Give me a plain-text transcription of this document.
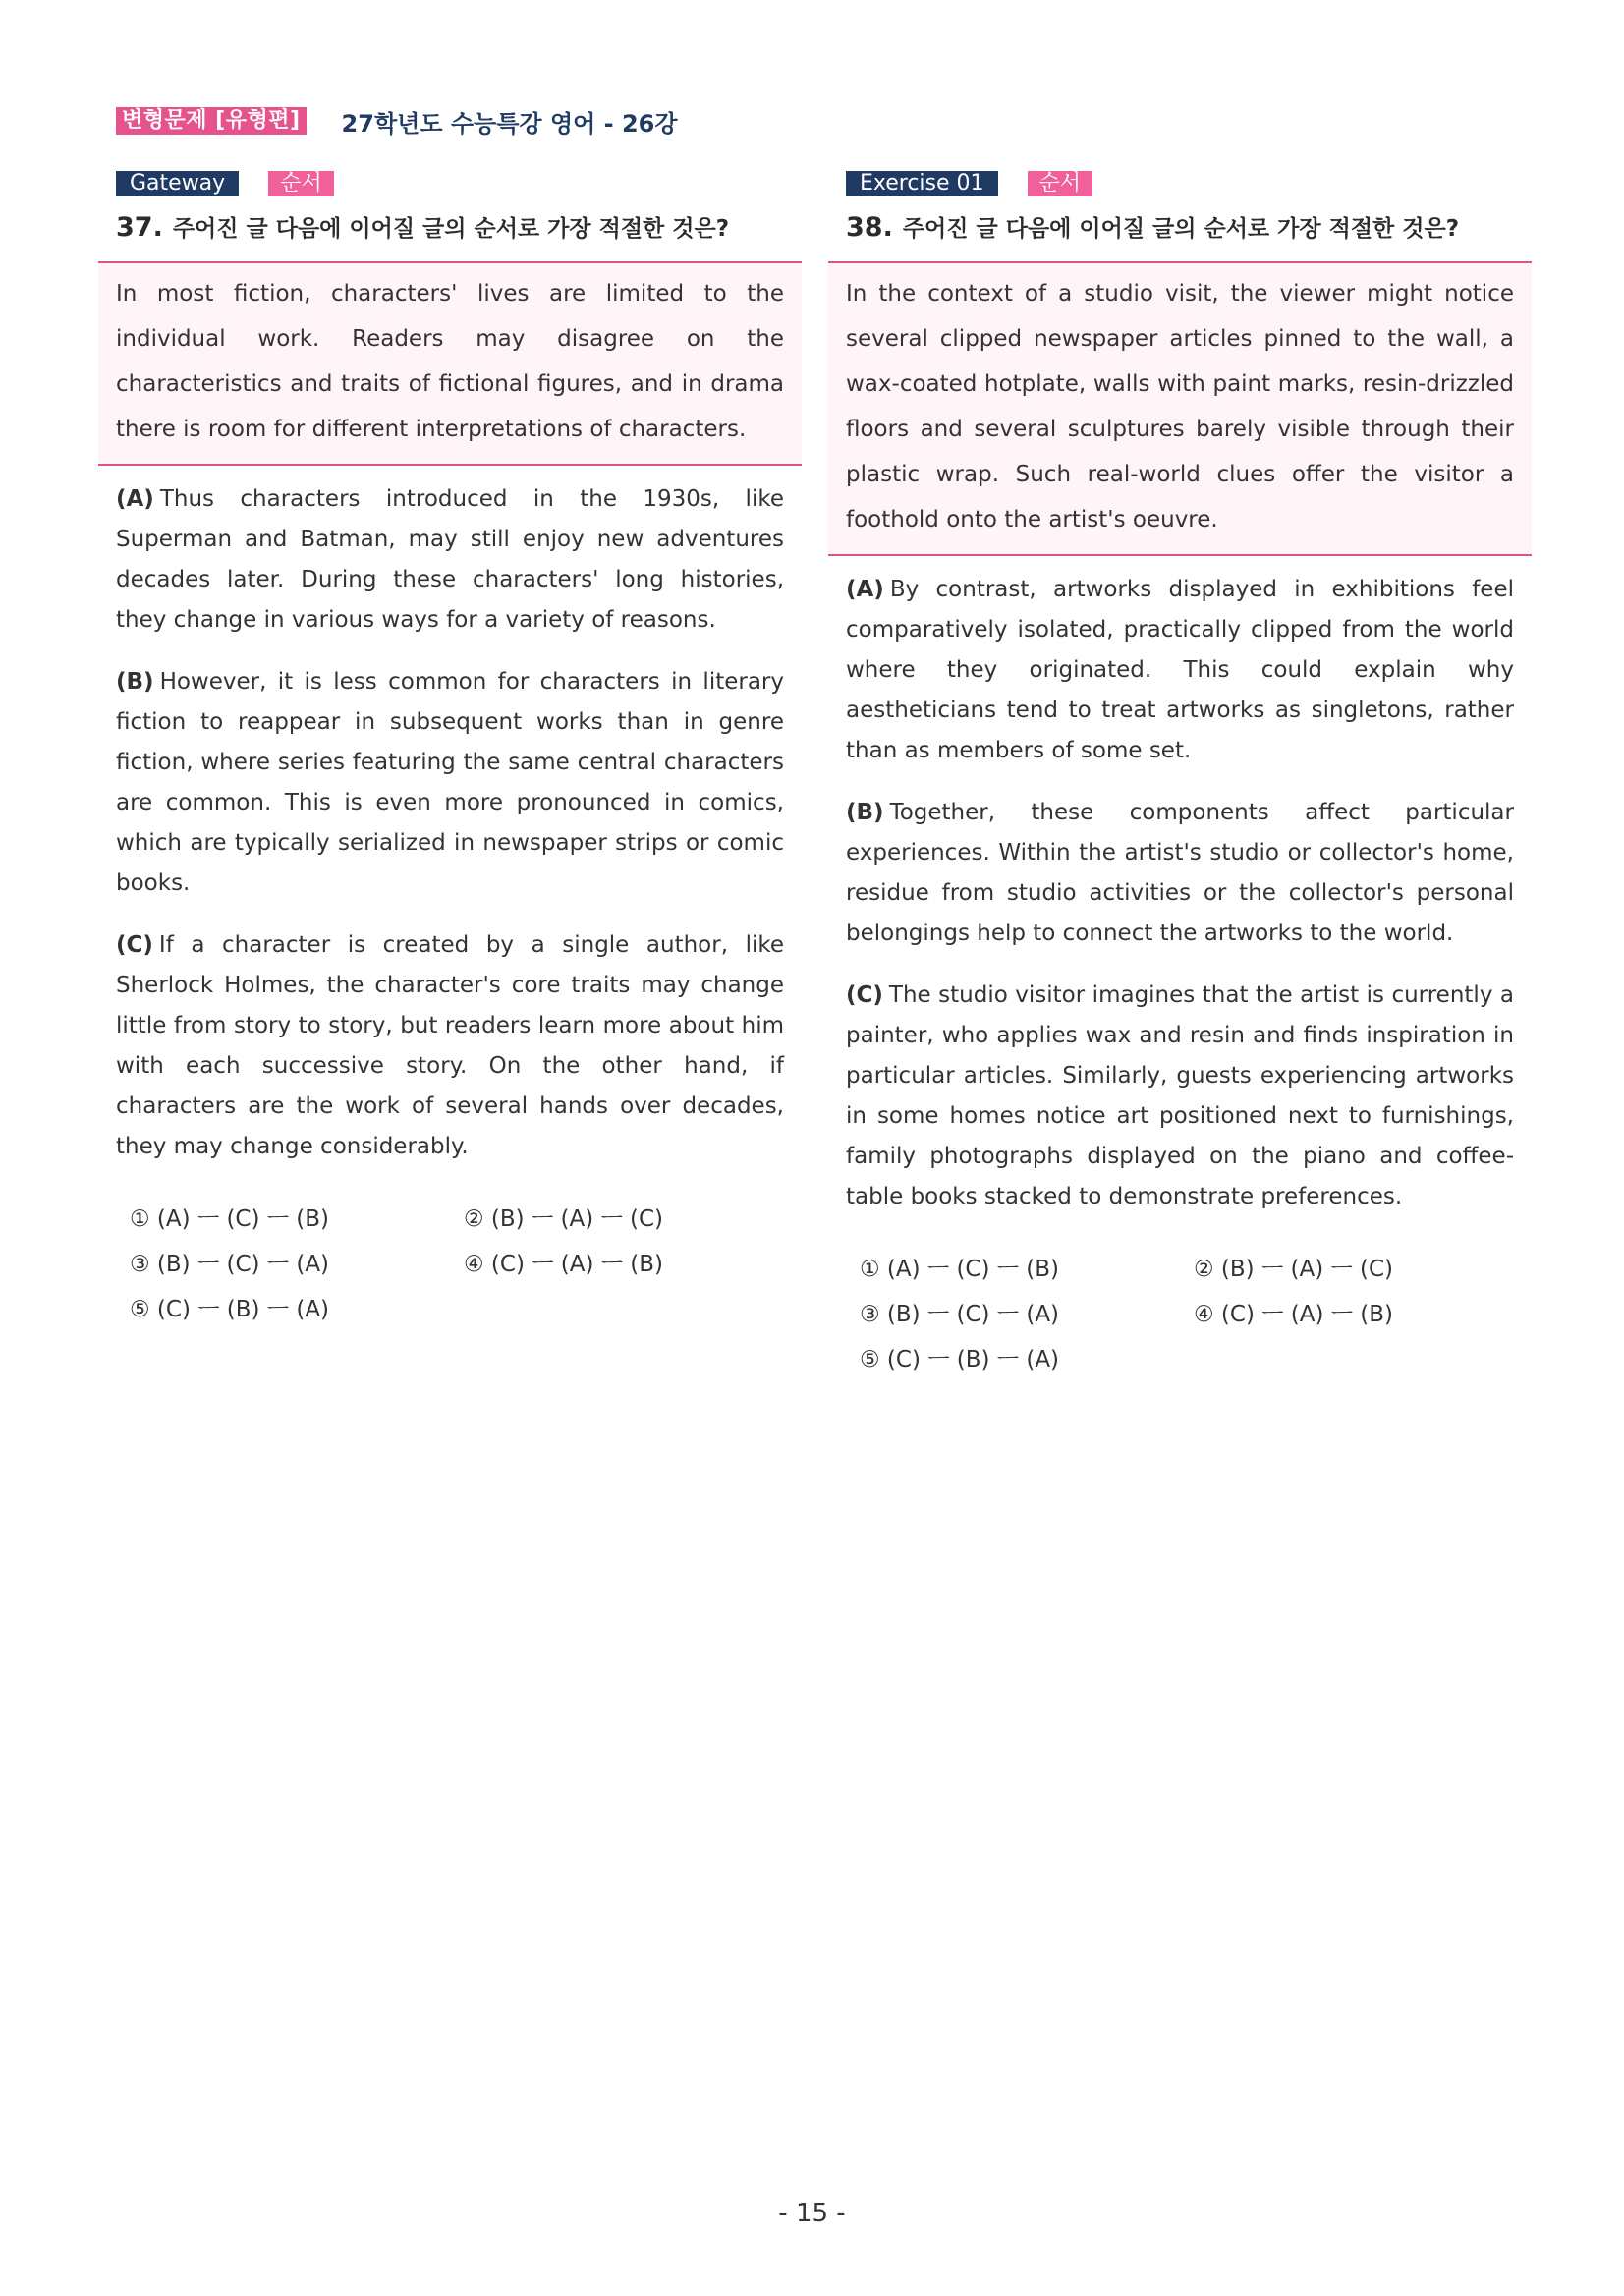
변형문제 [유형편] 27학년도 수능특강 영어 - 26강
Gateway	순서
37. 주어진 글 다음에 이어질 글의 순서로 가장 적절한 것은?
In most fiction, characters' lives are limited to the individual work. Readers may disagree on the characteristics and traits of fictional figures, and in drama there is room for different interpretations of characters.
(A) Thus characters introduced in the 1930s, like Superman and Batman, may still enjoy new adventures decades later. During these characters' long histories, they change in various ways for a variety of reasons.
(B) However, it is less common for characters in literary fiction to reappear in subsequent works than in genre fiction, where series featuring the same central characters are common. This is even more pronounced in comics, which are typically serialized in newspaper strips or comic books.
(C) If a character is created by a single author, like Sherlock Holmes, the character's core traits may change little from story to story, but readers learn more about him with each successive story. On the other hand, if characters are the work of several hands over decades, they may change considerably.
① (A) ㅡ (C) ㅡ (B)	② (B) ㅡ (A) ㅡ (C)
③ (B) ㅡ (C) ㅡ (A)	④ (C) ㅡ (A) ㅡ (B)
⑤ (C) ㅡ (B) ㅡ (A)
Exercise 01	순서
38. 주어진 글 다음에 이어질 글의 순서로 가장 적절한 것은?
In the context of a studio visit, the viewer might notice several clipped newspaper articles pinned to the wall, a wax-coated hotplate, walls with paint marks, resin-drizzled floors and several sculptures barely visible through their plastic wrap. Such real-world clues offer the visitor a foothold onto the artist's oeuvre.
(A) By contrast, artworks displayed in exhibitions feel comparatively isolated, practically clipped from the world where they originated. This could explain why aestheticians tend to treat artworks as singletons, rather than as members of some set.
(B) Together, these components affect particular experiences. Within the artist's studio or collector's home, residue from studio activities or the collector's personal belongings help to connect the artworks to the world.
(C) The studio visitor imagines that the artist is currently a painter, who applies wax and resin and finds inspiration in particular articles. Similarly, guests experiencing artworks in some homes notice art positioned next to furnishings, family photographs displayed on the piano and coffee-table books stacked to demonstrate preferences.
① (A) ㅡ (C) ㅡ (B)	② (B) ㅡ (A) ㅡ (C)
③ (B) ㅡ (C) ㅡ (A)	④ (C) ㅡ (A) ㅡ (B)
⑤ (C) ㅡ (B) ㅡ (A)
- 15 -
